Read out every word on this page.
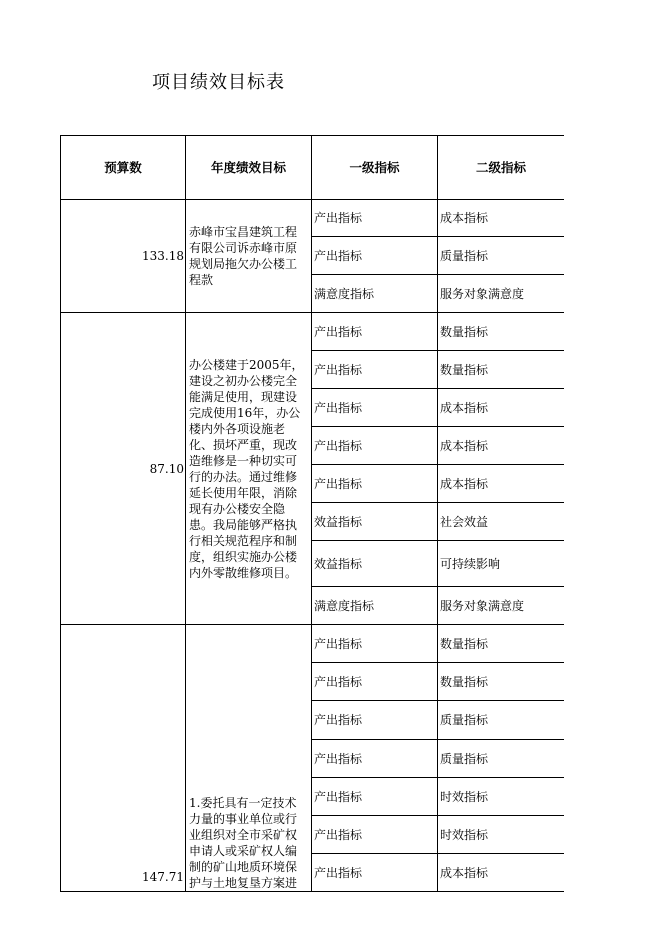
项目绩效目标表
预算数	年度绩效目标	一级指标	二级指标
133.18	赤峰市宝昌建筑工程有限公司诉赤峰市原规划局拖欠办公楼工程款	产出指标	成本指标
		产出指标	质量指标
		满意度指标	服务对象满意度
87.10	办公楼建于2005年，建设之初办公楼完全能满足使用，现建设完成使用16年，办公楼内外各项设施老化、损坏严重，现改造维修是一种切实可行的办法。通过维修延长使用年限，消除现有办公楼安全隐患。我局能够严格执行相关规范程序和制度，组织实施办公楼内外零散维修项目。	产出指标	数量指标
		产出指标	数量指标
		产出指标	成本指标
		产出指标	成本指标
		产出指标	成本指标
		效益指标	社会效益
		效益指标	可持续影响
		满意度指标	服务对象满意度
147.71	1.委托具有一定技术力量的事业单位或行业组织对全市采矿权申请人或采矿权人编制的矿山地质环境保护与土地复垦方案进	产出指标	数量指标
		产出指标	数量指标
		产出指标	质量指标
		产出指标	质量指标
		产出指标	时效指标
		产出指标	时效指标
		产出指标	成本指标
